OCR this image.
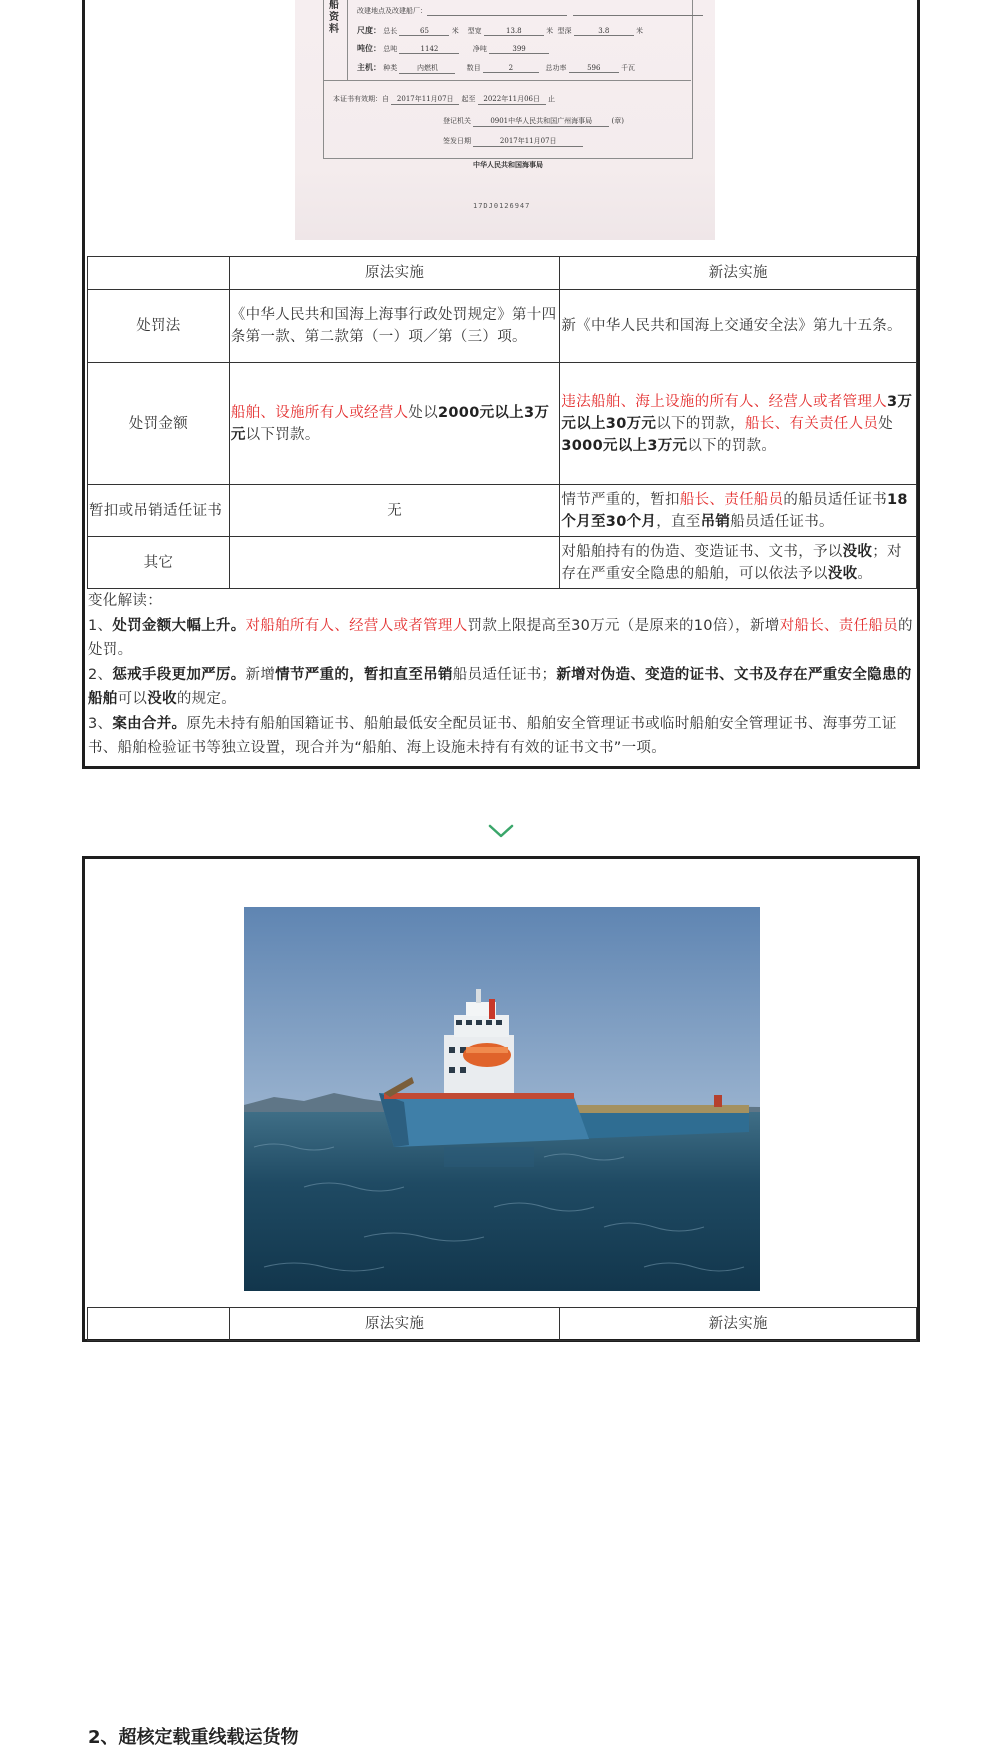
船资料
改建地点及改建船厂：
尺度： 总长	65	米 型宽	13.8	米 型深	3.8	米
吨位： 总吨	1142	净吨	399
主机： 种类	内燃机	数目	2	总功率	596	千瓦
本证书有效期：自 2017年11月07日 起至 2022年11月06日 止
登记机关	0901中华人民共和国广州海事局	(章)
签发日期	2017年11月07日
中华人民共和国海事局
17DJ0126947
	原法实施	新法实施
处罚法	《中华人民共和国海上海事行政处罚规定》第十四条第一款、第二款第（一）项／第（三）项。	新《中华人民共和国海上交通安全法》第九十五条。
处罚金额	船舶、设施所有人或经营人处以2000元以上3万元以下罚款。	违法船舶、海上设施的所有人、经营人或者管理人3万元以上30万元以下的罚款，船长、有关责任人员处3000元以上3万元以下的罚款。
暂扣或吊销适任证书	无	情节严重的，暂扣船长、责任船员的船员适任证书18个月至30个月，直至吊销船员适任证书。
其它		对船舶持有的伪造、变造证书、文书，予以没收；对存在严重安全隐患的船舶，可以依法予以没收。

变化解读：

1、处罚金额大幅上升。对船舶所有人、经营人或者管理人罚款上限提高至30万元（是原来的10倍），新增对船长、责任船员的处罚。

2、惩戒手段更加严厉。新增情节严重的，暂扣直至吊销船员适任证书；新增对伪造、变造的证书、文书及存在严重安全隐患的船舶可以没收的规定。

3、案由合并。原先未持有船舶国籍证书、船舶最低安全配员证书、船舶安全管理证书或临时船舶安全管理证书、海事劳工证书、船舶检验证书等独立设置，现合并为“船舶、海上设施未持有有效的证书文书”一项。

2、超核定载重线载运货物
	原法实施	新法实施
